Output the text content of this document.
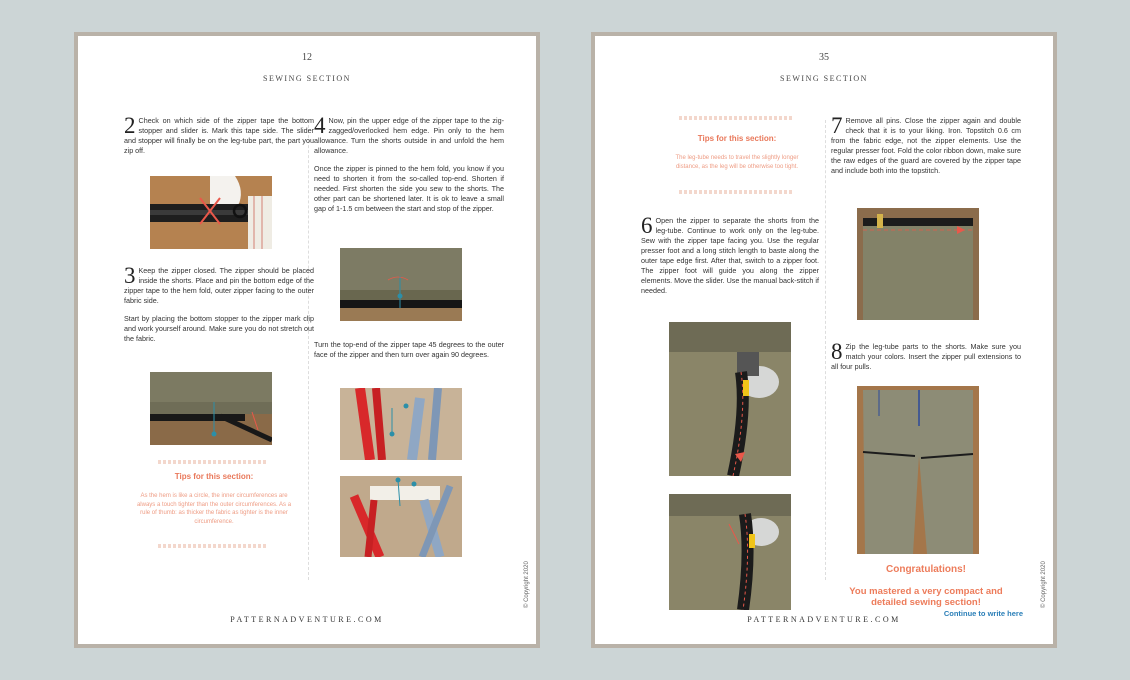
12
SEWING SECTION
2 Check on which side of the zipper tape the bottom stopper and slider is. Mark this tape side. The slider and stopper will finally be on the leg-tube part, the part you zip off.

3 Keep the zipper closed. The zipper should be placed inside the shorts. Place and pin the bottom edge of the zipper tape to the hem fold, outer zipper facing to the outer fabric side.

Start by placing the bottom stopper to the zipper mark clip and work yourself around. Make sure you do not stretch out the fabric.

Tips for this section:
As the hem is like a circle, the inner circumferences are always a touch tighter than the outer circumferences. As a rule of thumb: as thicker the fabric as tighter is the inner circumference.

4 Now, pin the upper edge of the zipper tape to the zig-zagged/overlocked hem edge. Pin only to the hem allowance. Turn the shorts outside in and unfold the hem allowance.

Once the zipper is pinned to the hem fold, you know if you need to shorten it from the so-called top-end. Shorten if needed. First shorten the side you sew to the shorts. The other part can be shortened later. It is ok to leave a small gap of 1-1.5 cm between the start and stop of the zipper.

Turn the top-end of the zipper tape 45 degrees to the outer face of the zipper and then turn over again 90 degrees.
© Copyright 2020
PATTERNADVENTURE.COM
35
SEWING SECTION
Tips for this section:
The leg-tube needs to travel the slightly longer distance, as the leg will be otherwise too tight.
6 Open the zipper to separate the shorts from the leg-tube. Continue to work only on the leg-tube. Sew with the zipper tape facing you. Use the regular presser foot and a long stitch length to baste along the outer tape edge first. After that, switch to a zipper foot. The zipper foot will guide you along the zipper elements. Move the slider. Use the manual back-stitch if needed.
7 Remove all pins. Close the zipper again and double check that it is to your liking. Iron. Topstitch 0.6 cm from the fabric edge, not the zipper elements. Use the regular presser foot. Fold the color ribbon down, make sure the raw edges of the guard are covered by the zipper tape and include both into the topstitch.
8 Zip the leg-tube parts to the shorts. Make sure you match your colors. Insert the zipper pull extensions to all four pulls.
Congratulations!
You mastered a very compact and detailed sewing section!
Continue to write here
© Copyright 2020
PATTERNADVENTURE.COM
